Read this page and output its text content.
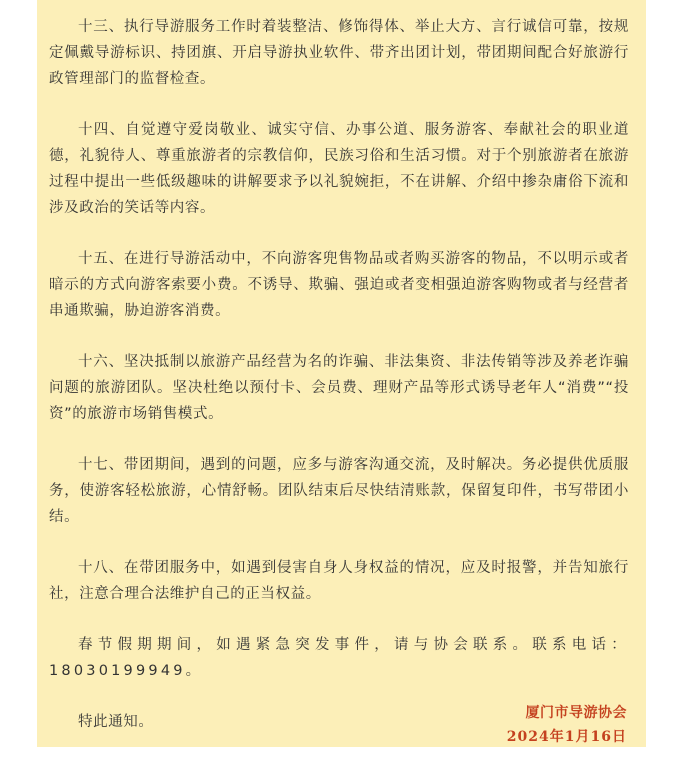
十三、执行导游服务工作时着装整洁、修饰得体、举止大方、言行诚信可靠，按规定佩戴导游标识、持团旗、开启导游执业软件、带齐出团计划，带团期间配合好旅游行政管理部门的监督检查。

十四、自觉遵守爱岗敬业、诚实守信、办事公道、服务游客、奉献社会的职业道德，礼貌待人、尊重旅游者的宗教信仰，民族习俗和生活习惯。对于个别旅游者在旅游过程中提出一些低级趣味的讲解要求予以礼貌婉拒，不在讲解、介绍中掺杂庸俗下流和涉及政治的笑话等内容。

十五、在进行导游活动中，不向游客兜售物品或者购买游客的物品，不以明示或者暗示的方式向游客索要小费。不诱导、欺骗、强迫或者变相强迫游客购物或者与经营者串通欺骗，胁迫游客消费。

十六、坚决抵制以旅游产品经营为名的诈骗、非法集资、非法传销等涉及养老诈骗问题的旅游团队。坚决杜绝以预付卡、会员费、理财产品等形式诱导老年人“消费”“投资”的旅游市场销售模式。

十七、带团期间，遇到的问题，应多与游客沟通交流，及时解决。务必提供优质服务，使游客轻松旅游，心情舒畅。团队结束后尽快结清账款，保留复印件，书写带团小结。

十八、在带团服务中，如遇到侵害自身人身权益的情况，应及时报警，并告知旅行社，注意合理合法维护自己的正当权益。

春节假期期间，如遇紧急突发事件，请与协会联系。联系电话：18030199949。

特此通知。

厦门市导游协会
2024年1月16日
